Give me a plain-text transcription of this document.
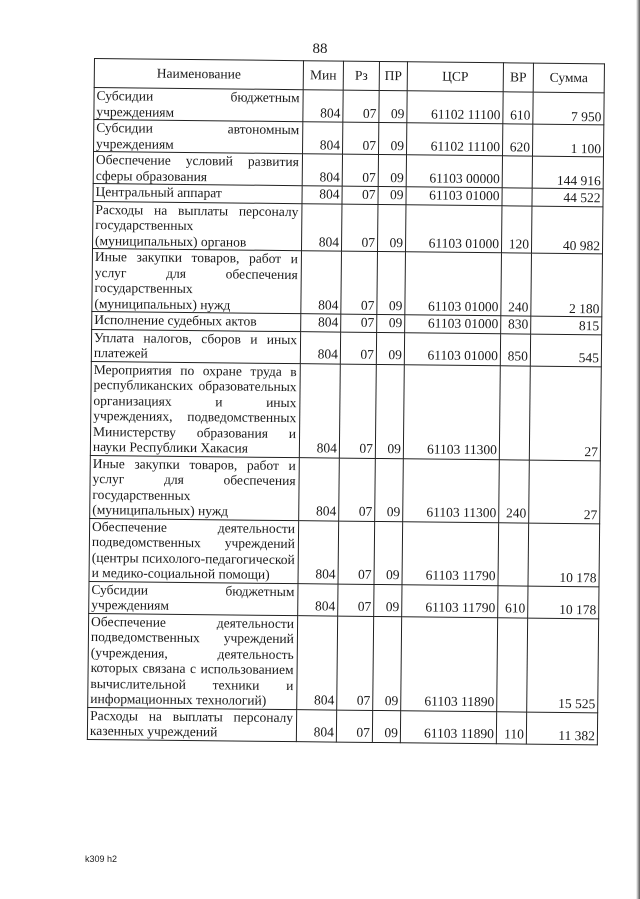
88
Наименование	Мин	Рз	ПР	ЦСР	ВР	Сумма
Субсидии бюджетным учреждениям	804	07	09	61102 11100	610	7 950
Субсидии автономным учреждениям	804	07	09	61102 11100	620	1 100
Обеспечение условий развития сферы образования	804	07	09	61103 00000		144 916
Центральный аппарат	804	07	09	61103 01000		44 522
Расходы на выплаты персоналу государственных (муниципальных) органов	804	07	09	61103 01000	120	40 982
Иные закупки товаров, работ и услуг для обеспечения государственных (муниципальных) нужд	804	07	09	61103 01000	240	2 180
Исполнение судебных актов	804	07	09	61103 01000	830	815
Уплата налогов, сборов и иных платежей	804	07	09	61103 01000	850	545
Мероприятия по охране труда в республиканских образовательных организациях и иных учреждениях, подведомственных Министерству образования и науки Республики Хакасия	804	07	09	61103 11300		27
Иные закупки товаров, работ и услуг для обеспечения государственных (муниципальных) нужд	804	07	09	61103 11300	240	27
Обеспечение деятельности подведомственных учреждений (центры психолого-педагогической и медико-социальной помощи)	804	07	09	61103 11790		10 178
Субсидии бюджетным учреждениям	804	07	09	61103 11790	610	10 178
Обеспечение деятельности подведомственных учреждений (учреждения, деятельность которых связана с использованием вычислительной техники и информационных технологий)	804	07	09	61103 11890		15 525
Расходы на выплаты персоналу казенных учреждений	804	07	09	61103 11890	110	11 382
k309 h2
